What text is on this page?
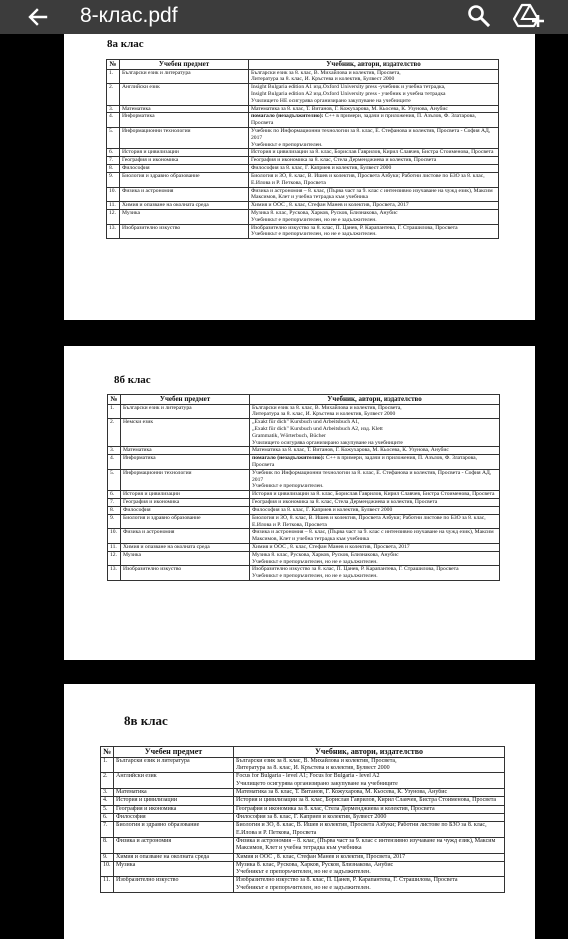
8-клас.pdf
8а клас
№	Учебен предмет	Учебник, автори, издателство
1.	Български език и литература	Български език за 8. клас, В. Михайлова и колектив, Просвета,
Литература за 8. клас, И. Кръстева и колектив, Булвест 2000
2.	Английски език	Insight Bulgaria edition A1 изд.Oxford University press -учебник и учебна тетрадка,
Insight Bulgaria edition A2 изд.Oxford University press - учебник и учебна тетрадка
Училището НЕ осигурява организирано закупуване на учебниците
3.	Математика	Математика за 8. клас, Т. Витанов, Г. Кожухарова, М. Кьосева, К. Узунова, Анубис
4.	Информатика	помагало (незадължително): C++ в примери, задачи и приложения, П. Азълов, Ф. Златарова, Просвета
5.	Информационни технологии	Учебник по Информационни технологии за 8. клас, Е. Стефанова и колектив, Просвета - София АД, 2017
Учебникът е препоръчителен.
6.	История и цивилизации	История и цивилизации за 8. клас, Борислав Гаврилов, Кирил Славчев, Бистра Стоименова, Просвета
7.	География и икономика	География и икономика за 8. клас, Стела Дерменджиева и колектив, Просвета
8.	Философия	Философия за 8. клас, Г. Каприев и колектив, Булвест 2000
9.	Биология и здравно образование	Биология и ЗО, 8. клас, В. Ишев и колектив, Просвета Азбуки; Работни листове по БЗО за 8. клас, Е.Илова и Р. Петкова, Просвета
10.	Физика и астрономия	Физика и астрономия – 8. клас, (Първа част за 9. клас с интензивно изучаване на чужд език), Максим Максимов, Клет и учебна тетрадка към учебника
11.	Химия и опазване на околната среда	Химия и ООС , 8. клас, Стефан Манев и колектив, Просвета, 2017
12.	Музика	Музика 8. клас, Русковa, Харков, Русков, Близнакова, Анубис
Учебникът е препоръчителен, но не е задължителен.
13.	Изобразително изкуство	Изобразително изкуство за 8. клас, П. Цанев, Р. Карапантева, Г. Страшилова, Просвета
Учебникът е препоръчителен, но не е задължителен.
8б клас
№	Учебен предмет	Учебник, автори, издателство
1.	Български език и литература	Български език за 8. клас, В. Михайлова и колектив, Просвета,
Литература за 8. клас, И. Кръстева и колектив, Булвест 2000
2.	Немски език	„Exakt für dich" Kursbuch und Arbeitsbuch A1,
„Exakt für dich" Kursbuch und Arbeitsbuch A2, изд. Klett
Grammatik, Wörterbuch, Bücher
Училището осигурява организирано закупуване на учебниците
3.	Математика	Математика за 8. клас, Т. Витанов, Г. Кожухарова, М. Кьосева, К. Узунова, Анубис
4.	Информатика	помагало (незадължително): C++ в примери, задачи и приложения, П. Азълов, Ф. Златарова, Просвета
5.	Информационни технологии	Учебник по Информационни технологии за 8. клас, Е. Стефанова и колектив, Просвета - София АД, 2017
Учебникът е препоръчителен.
6.	История и цивилизации	История и цивилизации за 8. клас, Борислав Гаврилов, Кирил Славчев, Бистра Стоименова, Просвета
7.	География и икономика	География и икономика за 8. клас, Стела Дерменджиева и колектив, Просвета
8.	Философия	Философия за 8. клас, Г. Каприев и колектив, Булвест 2000
9.	Биология и здравно образование	Биология и ЗО, 8. клас, В. Ишев и колектив, Просвета Азбуки; Работни листове по БЗО за 8. клас, Е.Илова и Р. Петкова, Просвета
10.	Физика и астрономия	Физика и астрономия – 8. клас, (Първа част за 9. клас с интензивно изучаване на чужд език), Максим Максимов, Клет и учебна тетрадка към учебника
11.	Химия и опазване на околната среда	Химия и ООС , 8. клас, Стефан Манев и колектив, Просвета, 2017
12.	Музика	Музика 8. клас, Русковa, Харков, Русков, Близнакова, Анубис
Учебникът е препоръчителен, но не е задължителен.
13.	Изобразително изкуство	Изобразително изкуство за 8. клас, П. Цанев, Р. Карапантева, Г. Страшилова, Просвета
Учебникът е препоръчителен, но не е задължителен.
8в клас
№	Учебен предмет	Учебник, автори, издателство
1.	Български език и литература	Български език за 8. клас, В. Михайлова и колектив, Просвета,
Литература за 8. клас, И. Кръстева и колектив, Булвест 2000
2.	Английски език	Focus for Bulgaria - level A1; Focus for Bulgaria - level A2
Училището осигурява организирано закупуване на учебниците
3.	Математика	Математика за 8. клас, Т. Витанов, Г. Кожухарова, М. Кьосева, К. Узунова, Анубис
4.	История и цивилизации	История и цивилизации за 8. клас, Борислав Гаврилов, Кирил Славчев, Бистра Стоименова, Просвета
5.	География и икономика	География и икономика за 8. клас, Стела Дерменджиева и колектив, Просвета
6.	Философия	Философия за 8. клас, Г. Каприев и колектив, Булвест 2000
7.	Биология и здравно образование	Биология и ЗО, 8. клас, В. Ишев и колектив, Просвета Азбуки; Работни листове по БЗО за 8. клас, Е.Илова и Р. Петкова, Просвета
8.	Физика и астрономия	Физика и астрономия – 8. клас, (Първа част за 9. клас с интензивно изучаване на чужд език), Максим Максимов, Клет и учебна тетрадка към учебника
9.	Химия и опазване на околната среда	Химия и ООС , 8. клас, Стефан Манев и колектив, Просвета, 2017
10.	Музика	Музика 8. клас, Русковa, Харков, Русков, Близнакова, Анубис
Учебникът е препоръчителен, но не е задължителен.
11.	Изобразително изкуство	Изобразително изкуство за 8. клас, П. Цанев, Р. Карапантева, Г. Страшилова, Просвета
Учебникът е препоръчителен, но не е задължителен.
